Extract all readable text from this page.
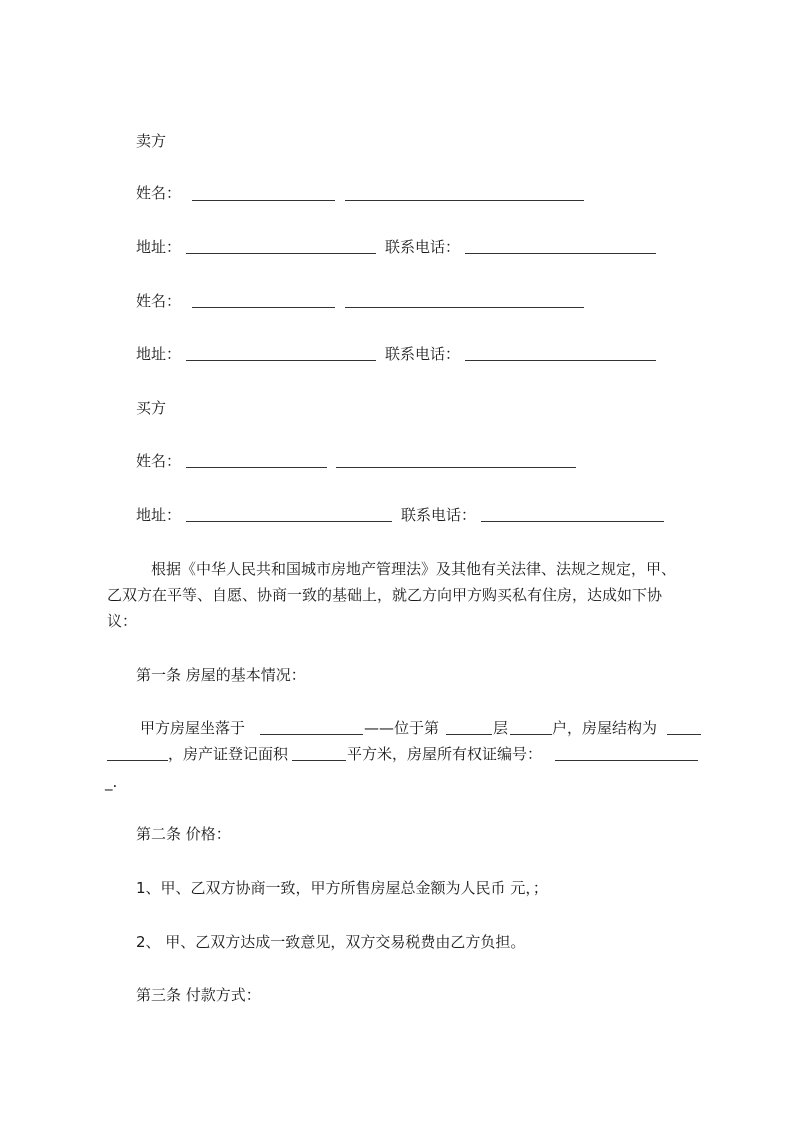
卖方
姓名：
地址：	联系电话：
姓名：
地址：	联系电话：
买方
姓名：
地址：	联系电话：
根据《中华人民共和国城市房地产管理法》及其他有关法律、法规之规定，甲、
乙双方在平等、自愿、协商一致的基础上，就乙方向甲方购买私有住房，达成如下协
议：
第一条 房屋的基本情况：
甲方房屋坐落于	——位于第	层	户，房屋结构为
，房产证登记面积	平方米，房屋所有权证编号：
_.
第二条 价格：
1、甲、乙双方协商一致，甲方所售房屋总金额为人民币 元，；
2、 甲、乙双方达成一致意见，双方交易税费由乙方负担。
第三条 付款方式：
